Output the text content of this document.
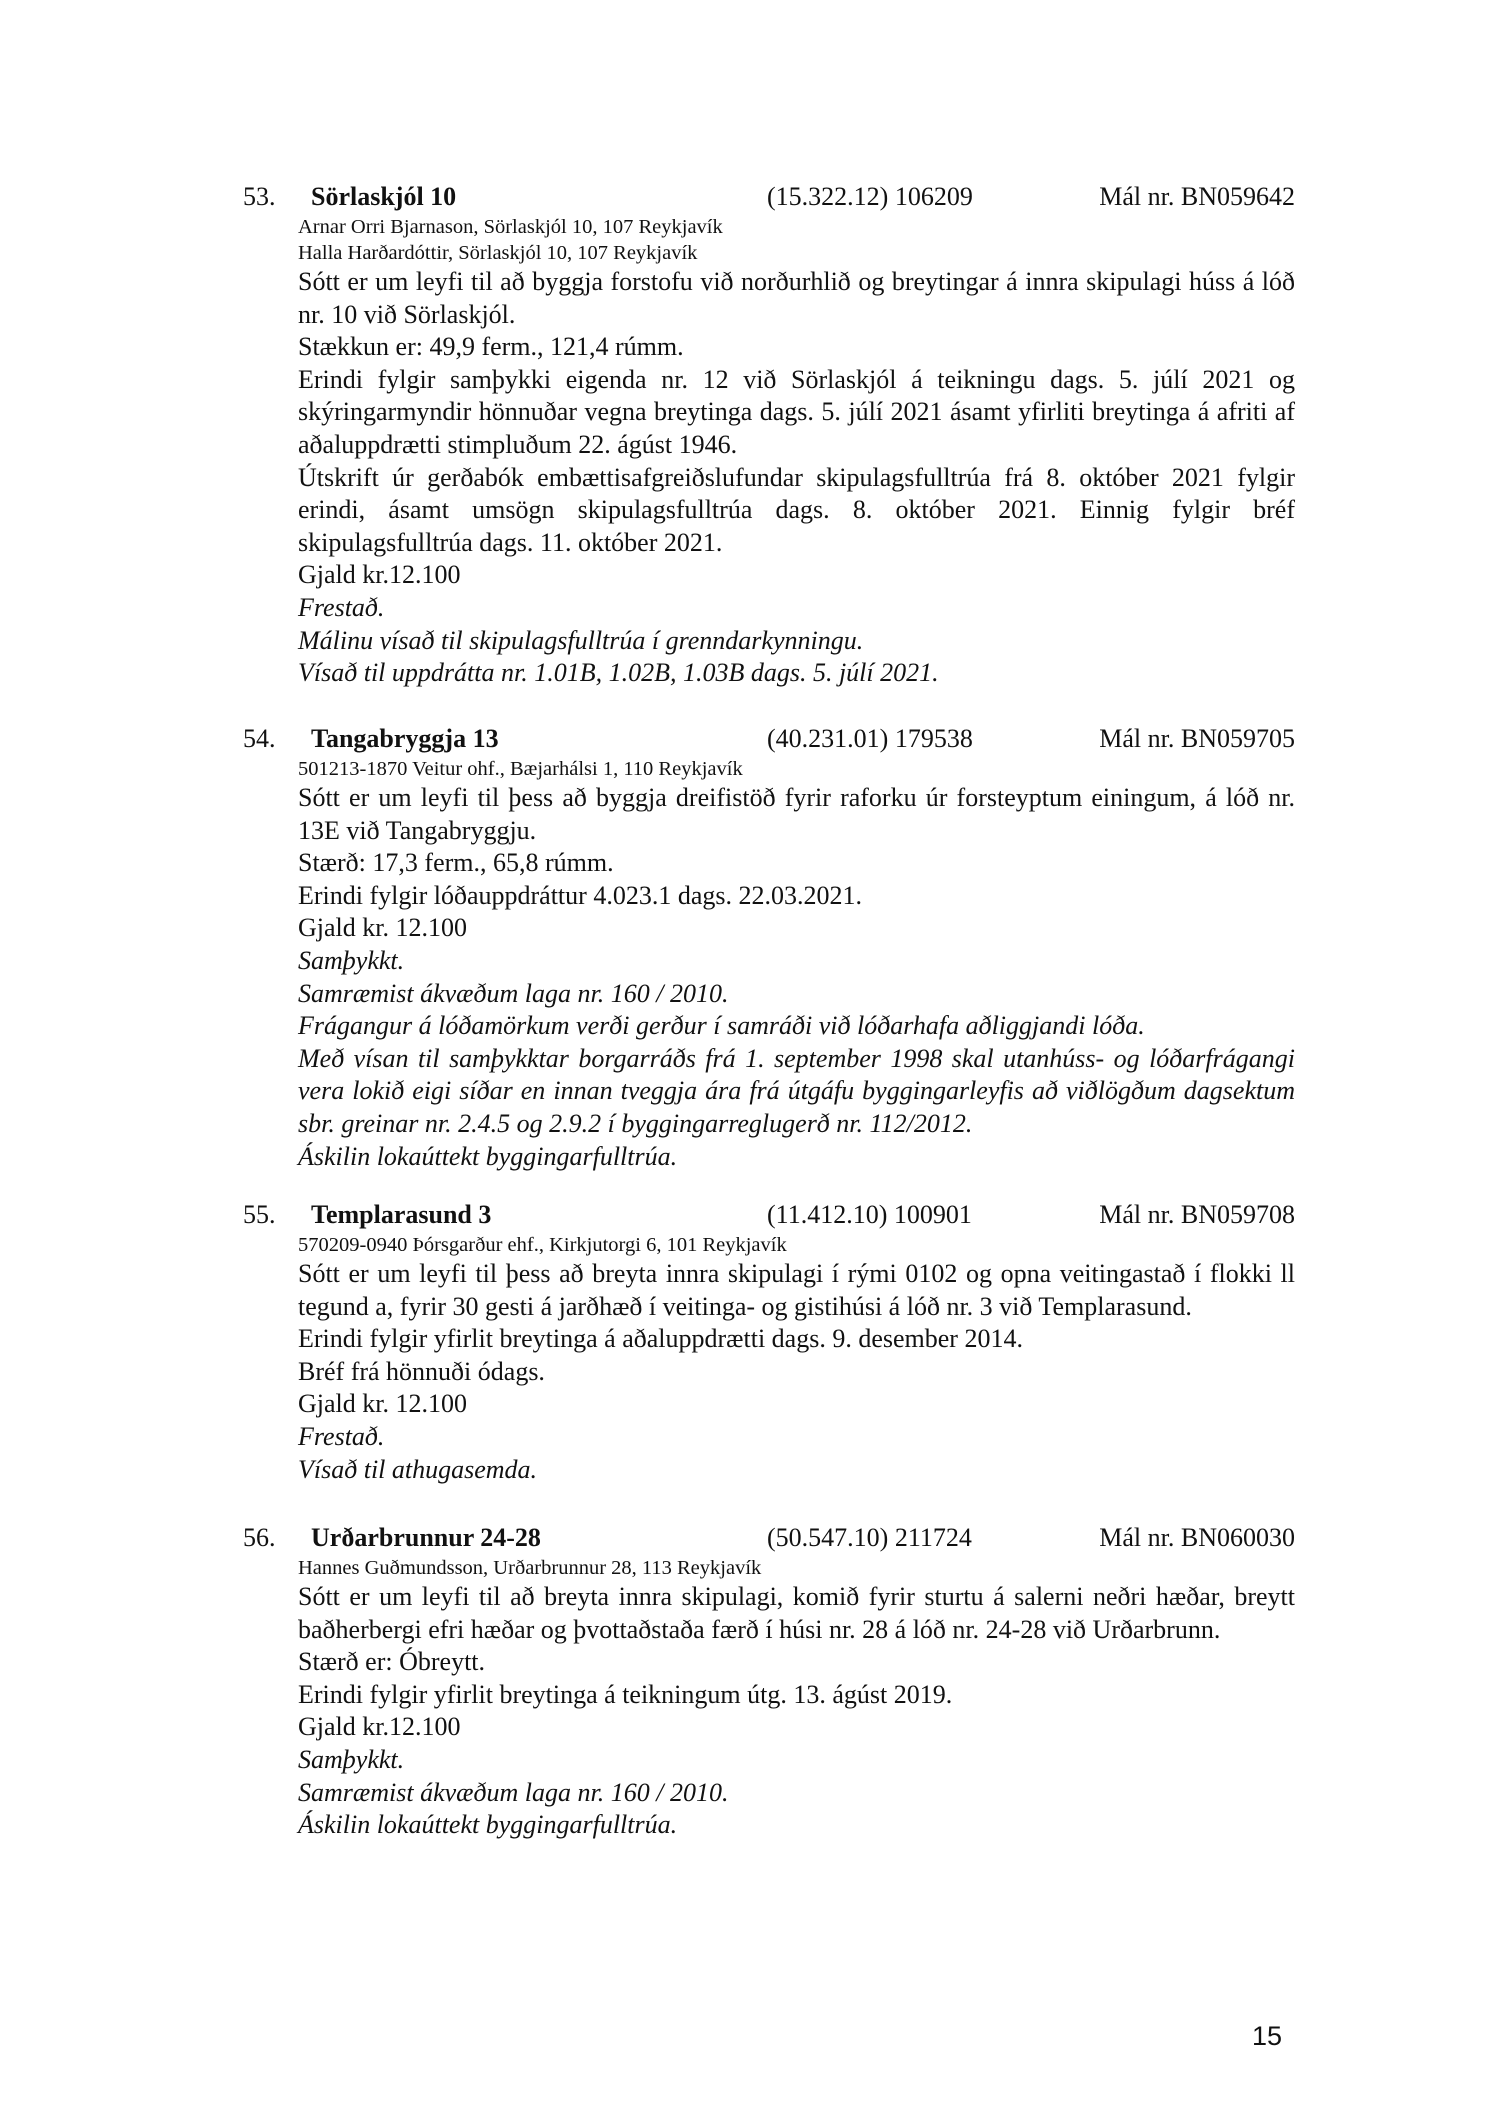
53. Sörlaskjól 10	(15.322.12) 106209	Mál nr. BN059642
Arnar Orri Bjarnason, Sörlaskjól 10, 107 Reykjavík
Halla Harðardóttir, Sörlaskjól 10, 107 Reykjavík
Sótt er um leyfi til að byggja forstofu við norðurhlið og breytingar á innra skipulagi húss á lóð nr. 10 við Sörlaskjól.
Stækkun er: 49,9 ferm., 121,4 rúmm.
Erindi fylgir samþykki eigenda nr. 12 við Sörlaskjól á teikningu dags. 5. júlí 2021 og skýringarmyndir hönnuðar vegna breytinga dags. 5. júlí 2021 ásamt yfirliti breytinga á afriti af aðaluppdrætti stimpluðum 22. ágúst 1946.
Útskrift úr gerðabók embættisafgreiðslufundar skipulagsfulltrúa frá 8. október 2021 fylgir erindi, ásamt umsögn skipulagsfulltrúa dags. 8. október 2021. Einnig fylgir bréf skipulagsfulltrúa dags. 11. október 2021.
Gjald kr.12.100
Frestað.
Málinu vísað til skipulagsfulltrúa í grenndarkynningu.
Vísað til uppdrátta nr. 1.01B, 1.02B, 1.03B dags. 5. júlí 2021.
54. Tangabryggja 13	(40.231.01) 179538	Mál nr. BN059705
501213-1870 Veitur ohf., Bæjarhálsi 1, 110 Reykjavík
Sótt er um leyfi til þess að byggja dreifistöð fyrir raforku úr forsteyptum einingum, á lóð nr. 13E við Tangabryggju.
Stærð: 17,3 ferm., 65,8 rúmm.
Erindi fylgir lóðauppdráttur 4.023.1 dags. 22.03.2021.
Gjald kr. 12.100
Samþykkt.
Samræmist ákvæðum laga nr. 160 / 2010.
Frágangur á lóðamörkum verði gerður í samráði við lóðarhafa aðliggjandi lóða.
Með vísan til samþykktar borgarráðs frá 1. september 1998 skal utanhúss- og lóðarfrágangi vera lokið eigi síðar en innan tveggja ára frá útgáfu byggingarleyfis að viðlögðum dagsektum sbr. greinar nr. 2.4.5 og 2.9.2 í byggingarreglugerð nr. 112/2012.
Áskilin lokaúttekt byggingarfulltrúa.
55. Templarasund 3	(11.412.10) 100901	Mál nr. BN059708
570209-0940 Þórsgarður ehf., Kirkjutorgi 6, 101 Reykjavík
Sótt er um leyfi til þess að breyta innra skipulagi í rými 0102 og opna veitingastað í flokki ll tegund a, fyrir 30 gesti á jarðhæð í veitinga- og gistihúsi á lóð nr. 3 við Templarasund.
Erindi fylgir yfirlit breytinga á aðaluppdrætti dags. 9. desember 2014.
Bréf frá hönnuði ódags.
Gjald kr. 12.100
Frestað.
Vísað til athugasemda.
56. Urðarbrunnur 24-28	(50.547.10) 211724	Mál nr. BN060030
Hannes Guðmundsson, Urðarbrunnur 28, 113 Reykjavík
Sótt er um leyfi til að breyta innra skipulagi, komið fyrir sturtu á salerni neðri hæðar, breytt baðherbergi efri hæðar og þvottaðstaða færð í húsi nr. 28 á lóð nr. 24-28 við Urðarbrunn.
Stærð er: Óbreytt.
Erindi fylgir yfirlit breytinga á teikningum útg. 13. ágúst 2019.
Gjald kr.12.100
Samþykkt.
Samræmist ákvæðum laga nr. 160 / 2010.
Áskilin lokaúttekt byggingarfulltrúa.
15
